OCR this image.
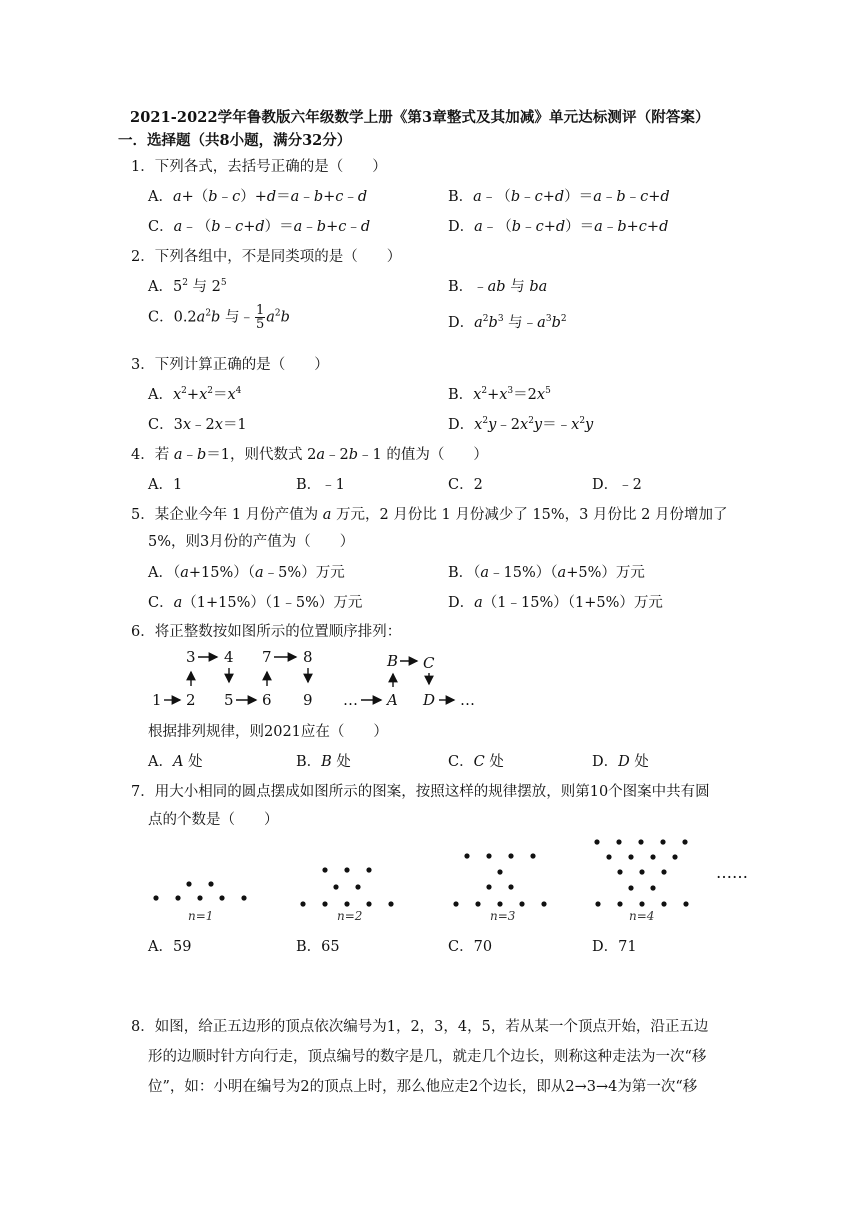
2021-2022学年鲁教版六年级数学上册《第3章整式及其加减》单元达标测评（附答案）
一．选择题（共8小题，满分32分）
1．下列各式，去括号正确的是（　　）
A．a+（b﹣c）+d＝a﹣b+c﹣d	B．a﹣（b﹣c+d）＝a﹣b﹣c+d
C．a﹣（b﹣c+d）＝a﹣b+c﹣d	D．a﹣（b﹣c+d）＝a﹣b+c+d
2．下列各组中，不是同类项的是（　　）
A．$5^2$ 与 $2^5$	B．﹣ab 与 ba
C．$0.2a^2b$ 与﹣ $\frac{1}{5} a^2b$	D．$a^2b^3$ 与$﹣a^3b^2$
3．下列计算正确的是（　　）
A．$x^2+x^2=x^4$	B．$x^2+x^3=2x^5$
C．3x﹣2x＝1	D．$x^2y﹣2x^2y=﹣x^2y$
4．若 a﹣b＝1，则代数式 2a﹣2b﹣1 的值为（　　）
A．1	B．﹣1	C．2	D．﹣2
5．某企业今年 1 月份产值为 a 万元，2 月份比 1 月份减少了 15%，3 月份比 2 月份增加了
5%，则3月份的产值为（　　）
A．（a+15%）（a﹣5%）万元	B．（a﹣15%）（a+5%）万元
C．a（1+15%）（1﹣5%）万元	D．a（1﹣15%）（1+5%）万元
6．将正整数按如图所示的位置顺序排列：
3 4 7 8	B C
1 2 5 6 9 … A D …
根据排列规律，则2021应在（　　）
A．A 处	B．B 处	C．C 处	D．D 处
7．用大小相同的圆点摆成如图所示的图案，按照这样的规律摆放，则第10个图案中共有圆
点的个数是（　　）
n=1	n=2	n=3	n=4
……
A．59	B．65	C．70	D．71
8．如图，给正五边形的顶点依次编号为1，2，3，4，5，若从某一个顶点开始，沿正五边
形的边顺时针方向行走，顶点编号的数字是几，就走几个边长，则称这种走法为一次“移
位”，如：小明在编号为2的顶点上时，那么他应走2个边长，即从2→3→4为第一次“移
